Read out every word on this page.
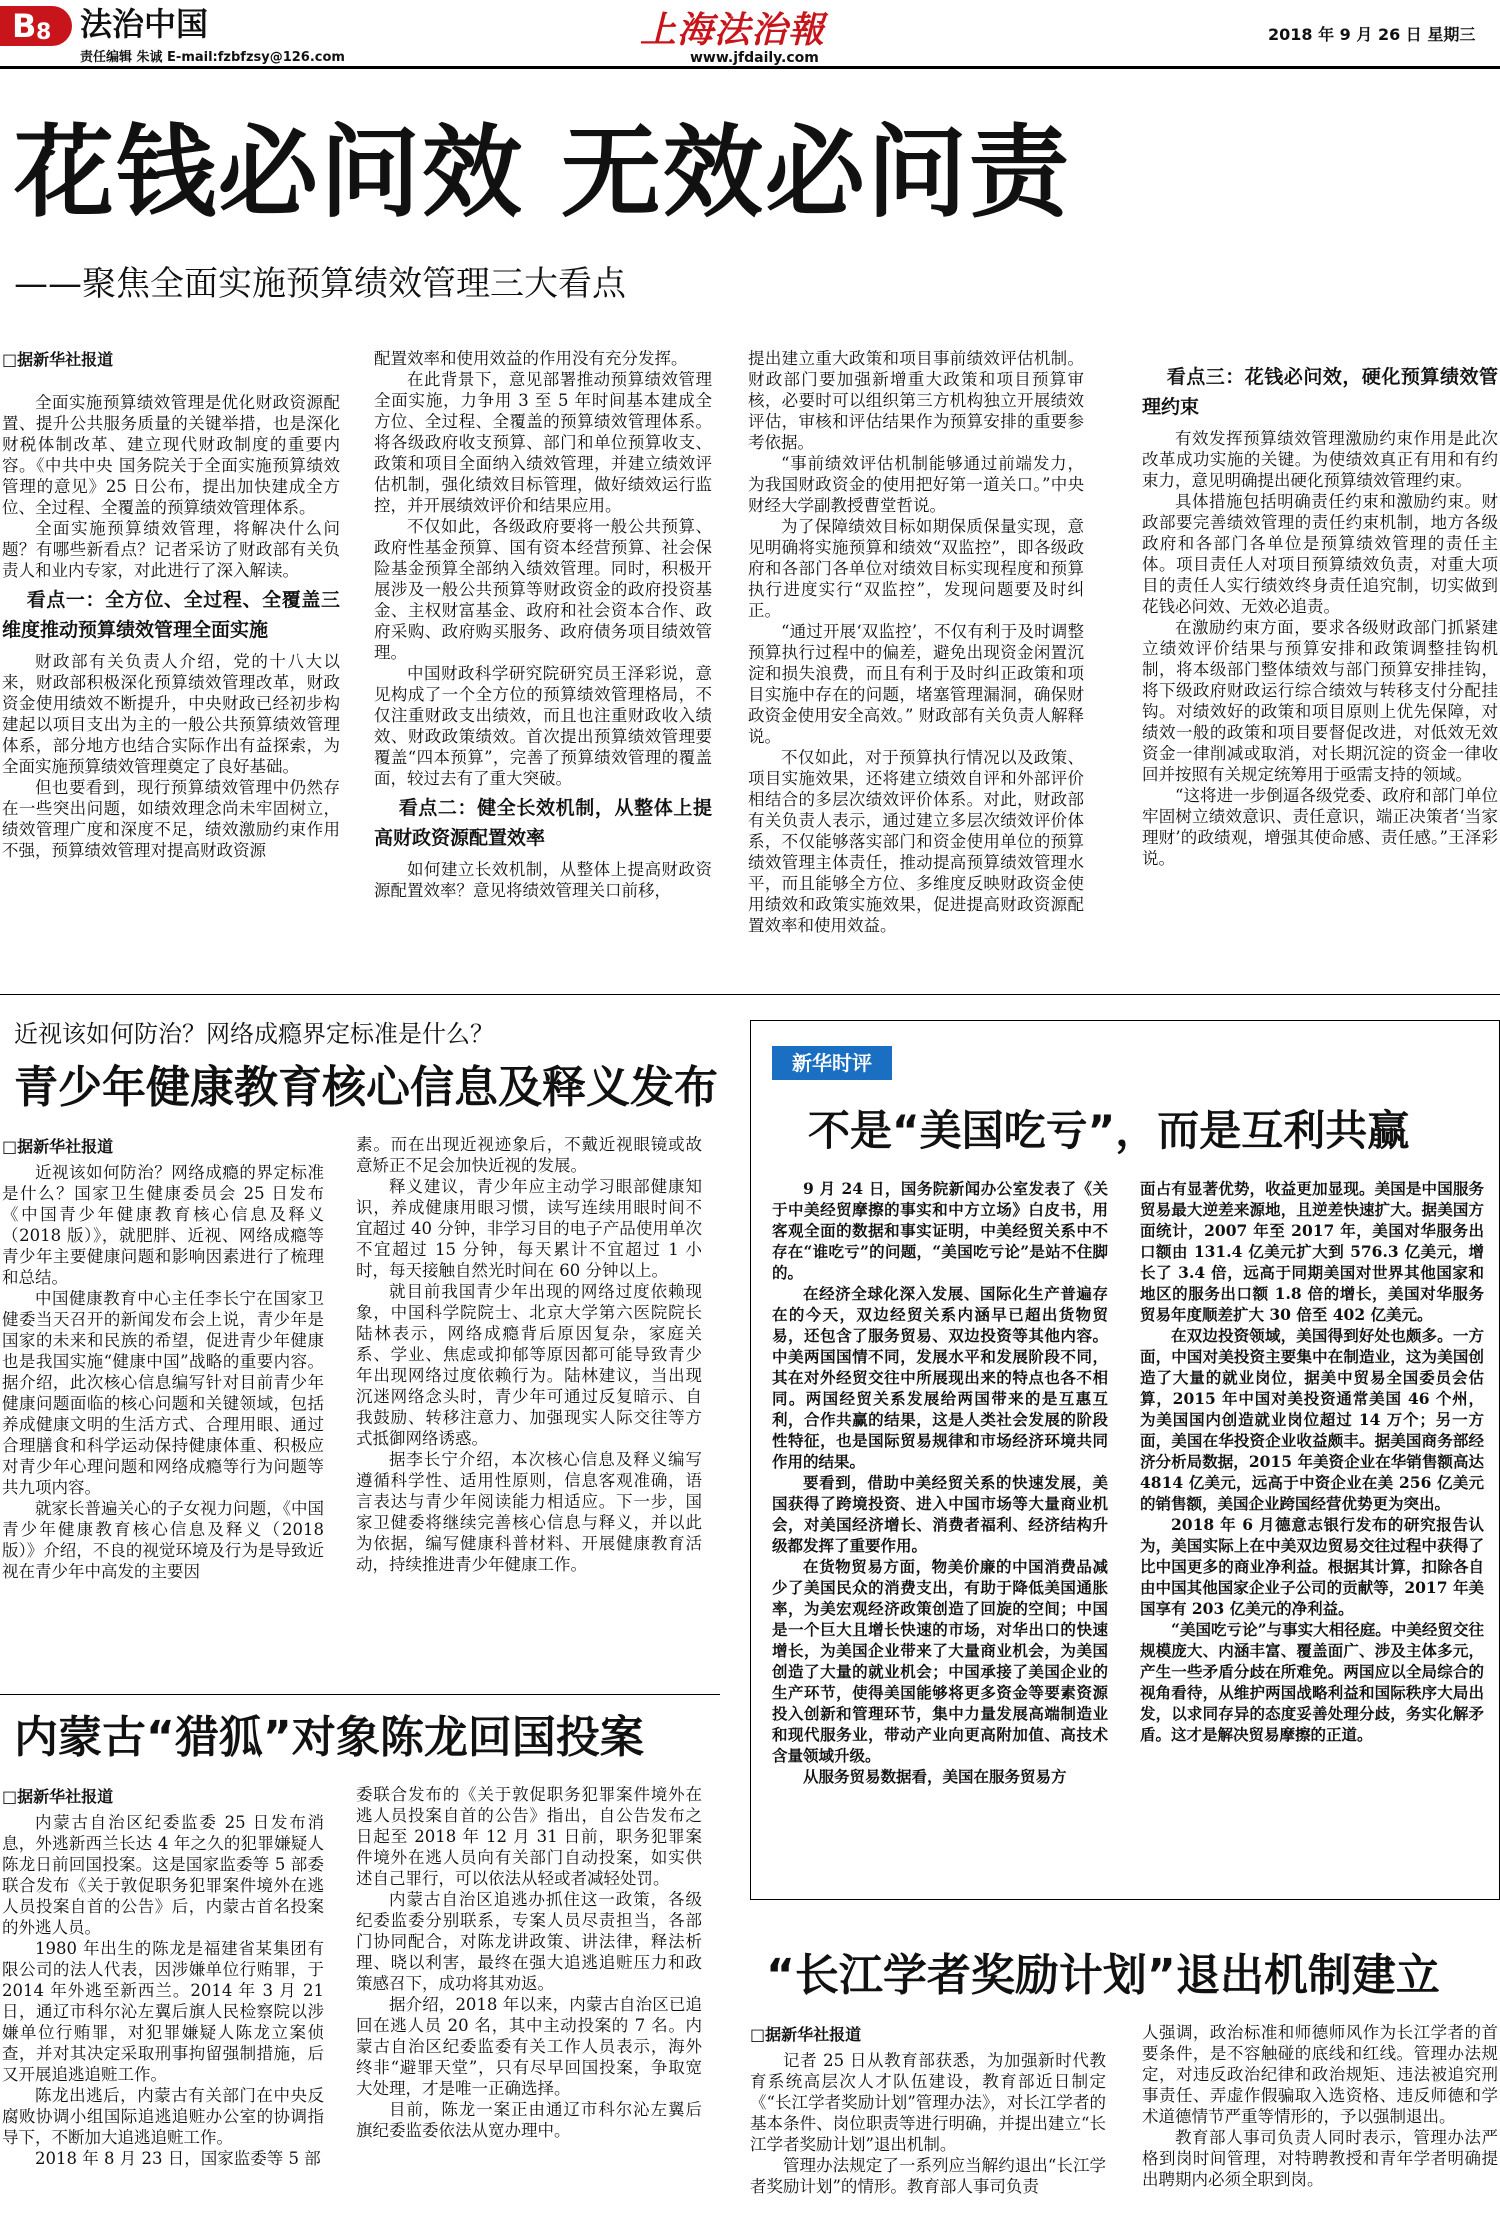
B 8 法治中国
责任编辑 朱诚 E-mail:fzbfzsy@126.com
上海法治報
www.jfdaily.com
2018 年 9 月 26 日 星期三
花钱必问效 无效必问责
——聚焦全面实施预算绩效管理三大看点
□据新华社报道

全面实施预算绩效管理是优化财政资源配置、提升公共服务质量的关键举措，也是深化财税体制改革、建立现代财政制度的重要内容。《中共中央 国务院关于全面实施预算绩效管理的意见》25 日公布，提出加快建成全方位、全过程、全覆盖的预算绩效管理体系。

全面实施预算绩效管理，将解决什么问题？有哪些新看点？记者采访了财政部有关负责人和业内专家，对此进行了深入解读。

看点一：全方位、全过程、全覆盖三维度推动预算绩效管理全面实施

财政部有关负责人介绍，党的十八大以来，财政部积极深化预算绩效管理改革，财政资金使用绩效不断提升，中央财政已经初步构建起以项目支出为主的一般公共预算绩效管理体系，部分地方也结合实际作出有益探索，为全面实施预算绩效管理奠定了良好基础。

但也要看到，现行预算绩效管理中仍然存在一些突出问题，如绩效理念尚未牢固树立，绩效管理广度和深度不足，绩效激励约束作用不强，预算绩效管理对提高财政资源

配置效率和使用效益的作用没有充分发挥。

在此背景下，意见部署推动预算绩效管理全面实施，力争用 3 至 5 年时间基本建成全方位、全过程、全覆盖的预算绩效管理体系。将各级政府收支预算、部门和单位预算收支、政策和项目全面纳入绩效管理，并建立绩效评估机制，强化绩效目标管理，做好绩效运行监控，并开展绩效评价和结果应用。

不仅如此，各级政府要将一般公共预算、政府性基金预算、国有资本经营预算、社会保险基金预算全部纳入绩效管理。同时，积极开展涉及一般公共预算等财政资金的政府投资基金、主权财富基金、政府和社会资本合作、政府采购、政府购买服务、政府债务项目绩效管理。

中国财政科学研究院研究员王泽彩说，意见构成了一个全方位的预算绩效管理格局，不仅注重财政支出绩效，而且也注重财政收入绩效、财政政策绩效。首次提出预算绩效管理要覆盖“四本预算”，完善了预算绩效管理的覆盖面，较过去有了重大突破。

看点二：健全长效机制，从整体上提高财政资源配置效率

如何建立长效机制，从整体上提高财政资源配置效率？意见将绩效管理关口前移，

提出建立重大政策和项目事前绩效评估机制。财政部门要加强新增重大政策和项目预算审核，必要时可以组织第三方机构独立开展绩效评估，审核和评估结果作为预算安排的重要参考依据。

“事前绩效评估机制能够通过前端发力，为我国财政资金的使用把好第一道关口。”中央财经大学副教授曹堂哲说。

为了保障绩效目标如期保质保量实现，意见明确将实施预算和绩效“双监控”，即各级政府和各部门各单位对绩效目标实现程度和预算执行进度实行“双监控”，发现问题要及时纠正。

“通过开展‘双监控’，不仅有利于及时调整预算执行过程中的偏差，避免出现资金闲置沉淀和损失浪费，而且有利于及时纠正政策和项目实施中存在的问题，堵塞管理漏洞，确保财政资金使用安全高效。” 财政部有关负责人解释说。

不仅如此，对于预算执行情况以及政策、项目实施效果，还将建立绩效自评和外部评价相结合的多层次绩效评价体系。对此，财政部有关负责人表示，通过建立多层次绩效评价体系，不仅能够落实部门和资金使用单位的预算绩效管理主体责任，推动提高预算绩效管理水平，而且能够全方位、多维度反映财政资金使用绩效和政策实施效果，促进提高财政资源配置效率和使用效益。

看点三：花钱必问效，硬化预算绩效管理约束

有效发挥预算绩效管理激励约束作用是此次改革成功实施的关键。为使绩效真正有用和有约束力，意见明确提出硬化预算绩效管理约束。

具体措施包括明确责任约束和激励约束。财政部要完善绩效管理的责任约束机制，地方各级政府和各部门各单位是预算绩效管理的责任主体。项目责任人对项目预算绩效负责，对重大项目的责任人实行绩效终身责任追究制，切实做到花钱必问效、无效必追责。

在激励约束方面，要求各级财政部门抓紧建立绩效评价结果与预算安排和政策调整挂钩机制，将本级部门整体绩效与部门预算安排挂钩，将下级政府财政运行综合绩效与转移支付分配挂钩。对绩效好的政策和项目原则上优先保障，对绩效一般的政策和项目要督促改进，对低效无效资金一律削减或取消，对长期沉淀的资金一律收回并按照有关规定统筹用于亟需支持的领域。

“这将进一步倒逼各级党委、政府和部门单位牢固树立绩效意识、责任意识，端正决策者‘当家理财’的政绩观，增强其使命感、责任感。”王泽彩说。

近视该如何防治？网络成瘾界定标准是什么？
青少年健康教育核心信息及释义发布
□据新华社报道

近视该如何防治？网络成瘾的界定标准是什么？国家卫生健康委员会 25 日发布《中国青少年健康教育核心信息及释义（2018 版）》，就肥胖、近视、网络成瘾等青少年主要健康问题和影响因素进行了梳理和总结。

中国健康教育中心主任李长宁在国家卫健委当天召开的新闻发布会上说，青少年是国家的未来和民族的希望，促进青少年健康也是我国实施“健康中国”战略的重要内容。据介绍，此次核心信息编写针对目前青少年健康问题面临的核心问题和关键领域，包括养成健康文明的生活方式、合理用眼、通过合理膳食和科学运动保持健康体重、积极应对青少年心理问题和网络成瘾等行为问题等共九项内容。

就家长普遍关心的子女视力问题，《中国青少年健康教育核心信息及释义（2018 版）》介绍，不良的视觉环境及行为是导致近视在青少年中高发的主要因

素。而在出现近视迹象后，不戴近视眼镜或故意矫正不足会加快近视的发展。

释义建议，青少年应主动学习眼部健康知识，养成健康用眼习惯，读写连续用眼时间不宜超过 40 分钟，非学习目的电子产品使用单次不宜超过 15 分钟，每天累计不宜超过 1 小时，每天接触自然光时间在 60 分钟以上。

就目前我国青少年出现的网络过度依赖现象，中国科学院院士、北京大学第六医院院长陆林表示，网络成瘾背后原因复杂，家庭关系、学业、焦虑或抑郁等原因都可能导致青少年出现网络过度依赖行为。陆林建议，当出现沉迷网络念头时，青少年可通过反复暗示、自我鼓励、转移注意力、加强现实人际交往等方式抵御网络诱惑。

据李长宁介绍，本次核心信息及释义编写遵循科学性、适用性原则，信息客观准确，语言表达与青少年阅读能力相适应。下一步，国家卫健委将继续完善核心信息与释义，并以此为依据，编写健康科普材料、开展健康教育活动，持续推进青少年健康工作。

内蒙古“猎狐”对象陈龙回国投案
□据新华社报道

内蒙古自治区纪委监委 25 日发布消息，外逃新西兰长达 4 年之久的犯罪嫌疑人陈龙日前回国投案。这是国家监委等 5 部委联合发布《关于敦促职务犯罪案件境外在逃人员投案自首的公告》后，内蒙古首名投案的外逃人员。

1980 年出生的陈龙是福建省某集团有限公司的法人代表，因涉嫌单位行贿罪，于 2014 年外逃至新西兰。2014 年 3 月 21 日，通辽市科尔沁左翼后旗人民检察院以涉嫌单位行贿罪，对犯罪嫌疑人陈龙立案侦查，并对其决定采取刑事拘留强制措施，后又开展追逃追赃工作。

陈龙出逃后，内蒙古有关部门在中央反腐败协调小组国际追逃追赃办公室的协调指导下，不断加大追逃追赃工作。

2018 年 8 月 23 日，国家监委等 5 部

委联合发布的《关于敦促职务犯罪案件境外在逃人员投案自首的公告》指出，自公告发布之日起至 2018 年 12 月 31 日前，职务犯罪案件境外在逃人员向有关部门自动投案，如实供述自己罪行，可以依法从轻或者减轻处罚。

内蒙古自治区追逃办抓住这一政策，各级纪委监委分别联系，专案人员尽责担当，各部门协同配合，对陈龙讲政策、讲法律，释法析理、晓以利害，最终在强大追逃追赃压力和政策感召下，成功将其劝返。

据介绍，2018 年以来，内蒙古自治区已追回在逃人员 20 名，其中主动投案的 7 名。内蒙古自治区纪委监委有关工作人员表示，海外终非“避罪天堂”，只有尽早回国投案，争取宽大处理，才是唯一正确选择。

目前，陈龙一案正由通辽市科尔沁左翼后旗纪委监委依法从宽办理中。

新华时评
不是“美国吃亏”，而是互利共赢

9 月 24 日，国务院新闻办公室发表了《关于中美经贸摩擦的事实和中方立场》白皮书，用客观全面的数据和事实证明，中美经贸关系中不存在“谁吃亏”的问题，“美国吃亏论”是站不住脚的。

在经济全球化深入发展、国际化生产普遍存在的今天，双边经贸关系内涵早已超出货物贸易，还包含了服务贸易、双边投资等其他内容。中美两国国情不同，发展水平和发展阶段不同，其在对外经贸交往中所展现出来的特点也各不相同。两国经贸关系发展给两国带来的是互惠互利，合作共赢的结果，这是人类社会发展的阶段性特征，也是国际贸易规律和市场经济环境共同作用的结果。

要看到，借助中美经贸关系的快速发展，美国获得了跨境投资、进入中国市场等大量商业机会，对美国经济增长、消费者福利、经济结构升级都发挥了重要作用。

在货物贸易方面，物美价廉的中国消费品减少了美国民众的消费支出，有助于降低美国通胀率，为美宏观经济政策创造了回旋的空间；中国是一个巨大且增长快速的市场，对华出口的快速增长，为美国企业带来了大量商业机会，为美国创造了大量的就业机会；中国承接了美国企业的生产环节，使得美国能够将更多资金等要素资源投入创新和管理环节，集中力量发展高端制造业和现代服务业，带动产业向更高附加值、高技术含量领域升级。

从服务贸易数据看，美国在服务贸易方

面占有显著优势，收益更加显现。美国是中国服务贸易最大逆差来源地，且逆差快速扩大。据美国方面统计，2007 年至 2017 年，美国对华服务出口额由 131.4 亿美元扩大到 576.3 亿美元，增长了 3.4 倍，远高于同期美国对世界其他国家和地区的服务出口额 1.8 倍的增长，美国对华服务贸易年度顺差扩大 30 倍至 402 亿美元。

在双边投资领域，美国得到好处也颇多。一方面，中国对美投资主要集中在制造业，这为美国创造了大量的就业岗位，据美中贸易全国委员会估算，2015 年中国对美投资通常美国 46 个州，为美国国内创造就业岗位超过 14 万个；另一方面，美国在华投资企业收益颇丰。据美国商务部经济分析局数据，2015 年美资企业在华销售额高达 4814 亿美元，远高于中资企业在美 256 亿美元的销售额，美国企业跨国经营优势更为突出。

2018 年 6 月德意志银行发布的研究报告认为，美国实际上在中美双边贸易交往过程中获得了比中国更多的商业净利益。根据其计算，扣除各自由中国其他国家企业子公司的贡献等，2017 年美国享有 203 亿美元的净利益。

“美国吃亏论”与事实大相径庭。中美经贸交往规模庞大、内涵丰富、覆盖面广、涉及主体多元，产生一些矛盾分歧在所难免。两国应以全局综合的视角看待，从维护两国战略利益和国际秩序大局出发，以求同存异的态度妥善处理分歧，务实化解矛盾。这才是解决贸易摩擦的正道。

“长江学者奖励计划”退出机制建立
□据新华社报道

记者 25 日从教育部获悉，为加强新时代教育系统高层次人才队伍建设，教育部近日制定《“长江学者奖励计划”管理办法》，对长江学者的基本条件、岗位职责等进行明确，并提出建立“长江学者奖励计划”退出机制。

管理办法规定了一系列应当解约退出“长江学者奖励计划”的情形。教育部人事司负责

人强调，政治标准和师德师风作为长江学者的首要条件，是不容触碰的底线和红线。管理办法规定，对违反政治纪律和政治规矩、违法被追究刑事责任、弄虚作假骗取入选资格、违反师德和学术道德情节严重等情形的，予以强制退出。

教育部人事司负责人同时表示，管理办法严格到岗时间管理，对特聘教授和青年学者明确提出聘期内必须全职到岗。
